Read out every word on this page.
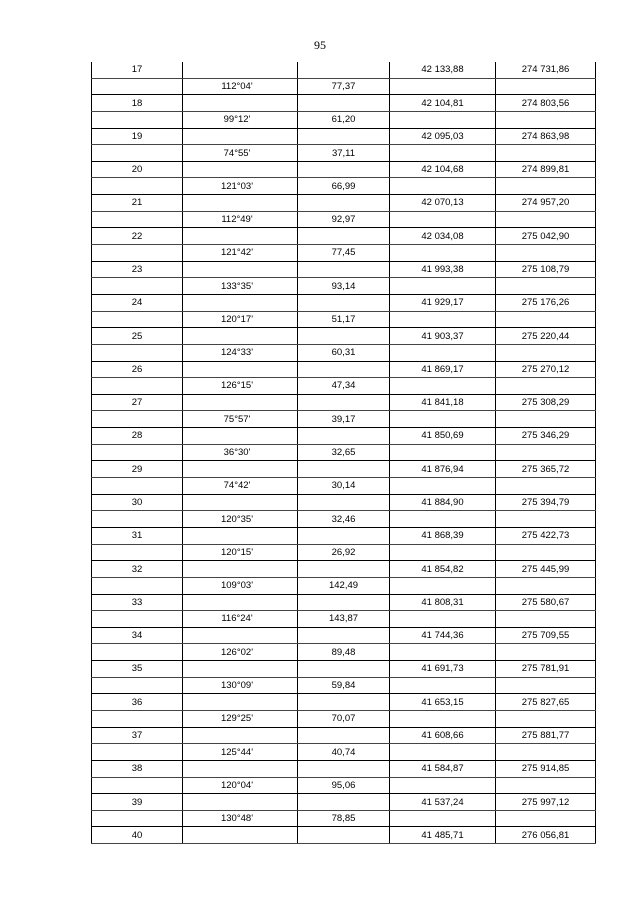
95
17			42 133,88	274 731,86
	112°04'	77,37		
18			42 104,81	274 803,56
	99°12'	61,20		
19			42 095,03	274 863,98
	74°55'	37,11		
20			42 104,68	274 899,81
	121°03'	66,99		
21			42 070,13	274 957,20
	112°49'	92,97		
22			42 034,08	275 042,90
	121°42'	77,45		
23			41 993,38	275 108,79
	133°35'	93,14		
24			41 929,17	275 176,26
	120°17'	51,17		
25			41 903,37	275 220,44
	124°33'	60,31		
26			41 869,17	275 270,12
	126°15'	47,34		
27			41 841,18	275 308,29
	75°57'	39,17		
28			41 850,69	275 346,29
	36°30'	32,65		
29			41 876,94	275 365,72
	74°42'	30,14		
30			41 884,90	275 394,79
	120°35'	32,46		
31			41 868,39	275 422,73
	120°15'	26,92		
32			41 854,82	275 445,99
	109°03'	142,49		
33			41 808,31	275 580,67
	116°24'	143,87		
34			41 744,36	275 709,55
	126°02'	89,48		
35			41 691,73	275 781,91
	130°09'	59,84		
36			41 653,15	275 827,65
	129°25'	70,07		
37			41 608,66	275 881,77
	125°44'	40,74		
38			41 584,87	275 914,85
	120°04'	95,06		
39			41 537,24	275 997,12
	130°48'	78,85		
40			41 485,71	276 056,81
